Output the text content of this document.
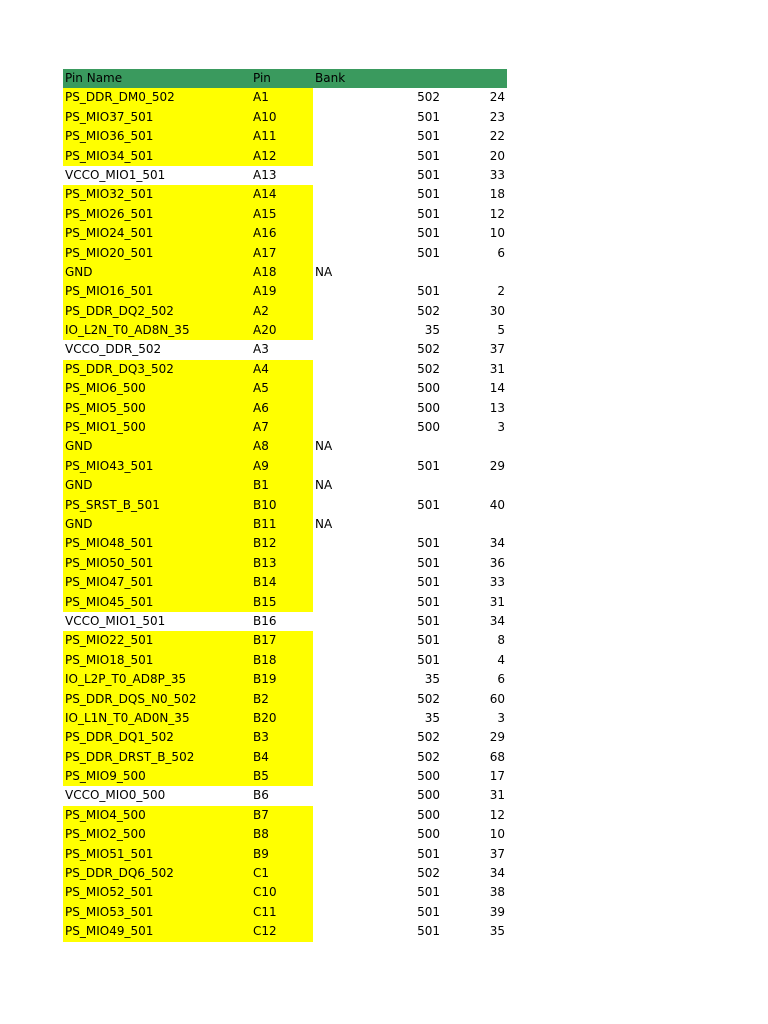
Pin Name	Pin	Bank
PS_DDR_DM0_502	A1	502	24
PS_MIO37_501	A10	501	23
PS_MIO36_501	A11	501	22
PS_MIO34_501	A12	501	20
VCCO_MIO1_501	A13	501	33
PS_MIO32_501	A14	501	18
PS_MIO26_501	A15	501	12
PS_MIO24_501	A16	501	10
PS_MIO20_501	A17	501	6
GND	A18	NA
PS_MIO16_501	A19	501	2
PS_DDR_DQ2_502	A2	502	30
IO_L2N_T0_AD8N_35	A20	35	5
VCCO_DDR_502	A3	502	37
PS_DDR_DQ3_502	A4	502	31
PS_MIO6_500	A5	500	14
PS_MIO5_500	A6	500	13
PS_MIO1_500	A7	500	3
GND	A8	NA
PS_MIO43_501	A9	501	29
GND	B1	NA
PS_SRST_B_501	B10	501	40
GND	B11	NA
PS_MIO48_501	B12	501	34
PS_MIO50_501	B13	501	36
PS_MIO47_501	B14	501	33
PS_MIO45_501	B15	501	31
VCCO_MIO1_501	B16	501	34
PS_MIO22_501	B17	501	8
PS_MIO18_501	B18	501	4
IO_L2P_T0_AD8P_35	B19	35	6
PS_DDR_DQS_N0_502	B2	502	60
IO_L1N_T0_AD0N_35	B20	35	3
PS_DDR_DQ1_502	B3	502	29
PS_DDR_DRST_B_502	B4	502	68
PS_MIO9_500	B5	500	17
VCCO_MIO0_500	B6	500	31
PS_MIO4_500	B7	500	12
PS_MIO2_500	B8	500	10
PS_MIO51_501	B9	501	37
PS_DDR_DQ6_502	C1	502	34
PS_MIO52_501	C10	501	38
PS_MIO53_501	C11	501	39
PS_MIO49_501	C12	501	35
